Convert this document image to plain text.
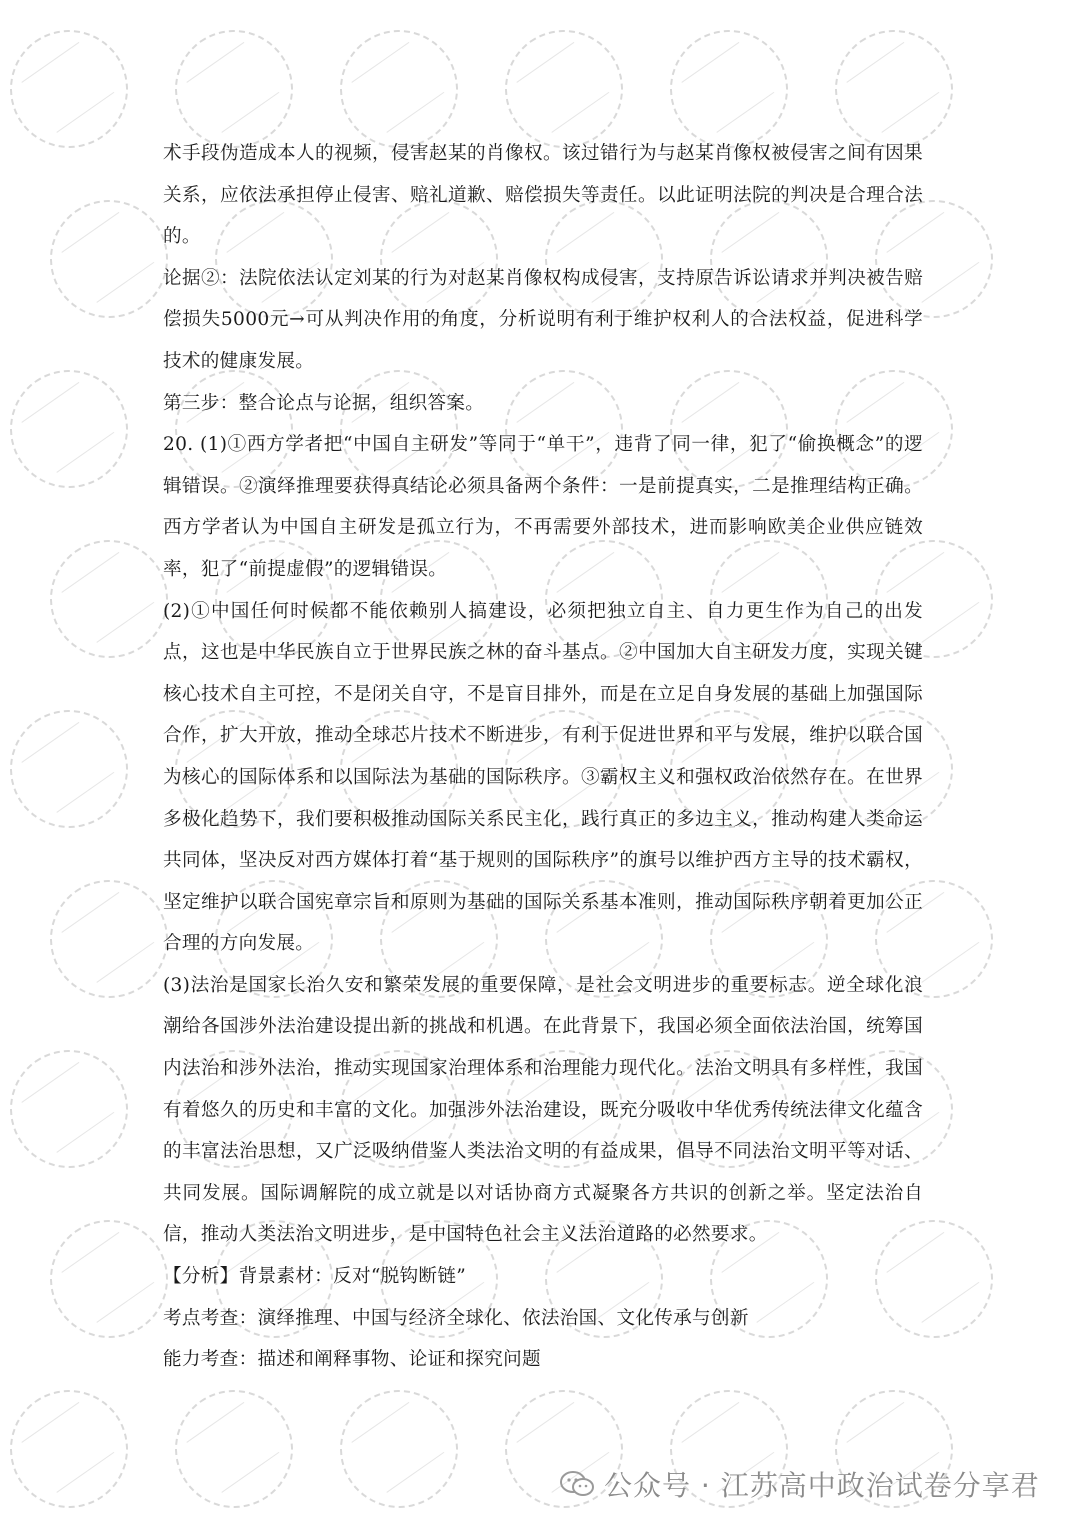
术手段伪造成本人的视频，侵害赵某的肖像权。该过错行为与赵某肖像权被侵害之间有因果关系，应依法承担停止侵害、赔礼道歉、赔偿损失等责任。以此证明法院的判决是合理合法的。

论据②：法院依法认定刘某的行为对赵某肖像权构成侵害，支持原告诉讼请求并判决被告赔偿损失5000元→可从判决作用的角度，分析说明有利于维护权利人的合法权益，促进科学技术的健康发展。

第三步：整合论点与论据，组织答案。

20. (1)①西方学者把“中国自主研发”等同于“单干”，违背了同一律，犯了“偷换概念”的逻辑错误。②演绎推理要获得真结论必须具备两个条件：一是前提真实，二是推理结构正确。西方学者认为中国自主研发是孤立行为，不再需要外部技术，进而影响欧美企业供应链效率，犯了“前提虚假”的逻辑错误。

(2)①中国任何时候都不能依赖别人搞建设，必须把独立自主、自力更生作为自己的出发点，这也是中华民族自立于世界民族之林的奋斗基点。②中国加大自主研发力度，实现关键核心技术自主可控，不是闭关自守，不是盲目排外，而是在立足自身发展的基础上加强国际合作，扩大开放，推动全球芯片技术不断进步，有利于促进世界和平与发展，维护以联合国为核心的国际体系和以国际法为基础的国际秩序。③霸权主义和强权政治依然存在。在世界多极化趋势下，我们要积极推动国际关系民主化，践行真正的多边主义，推动构建人类命运共同体，坚决反对西方媒体打着“基于规则的国际秩序”的旗号以维护西方主导的技术霸权，坚定维护以联合国宪章宗旨和原则为基础的国际关系基本准则，推动国际秩序朝着更加公正合理的方向发展。

(3)法治是国家长治久安和繁荣发展的重要保障，是社会文明进步的重要标志。逆全球化浪潮给各国涉外法治建设提出新的挑战和机遇。在此背景下，我国必须全面依法治国，统筹国内法治和涉外法治，推动实现国家治理体系和治理能力现代化。法治文明具有多样性，我国有着悠久的历史和丰富的文化。加强涉外法治建设，既充分吸收中华优秀传统法律文化蕴含的丰富法治思想，又广泛吸纳借鉴人类法治文明的有益成果，倡导不同法治文明平等对话、共同发展。国际调解院的成立就是以对话协商方式凝聚各方共识的创新之举。坚定法治自信，推动人类法治文明进步，是中国特色社会主义法治道路的必然要求。

【分析】背景素材：反对“脱钩断链”

考点考查：演绎推理、中国与经济全球化、依法治国、文化传承与创新

能力考查：描述和阐释事物、论证和探究问题

公众号 · 江苏高中政治试卷分享君
